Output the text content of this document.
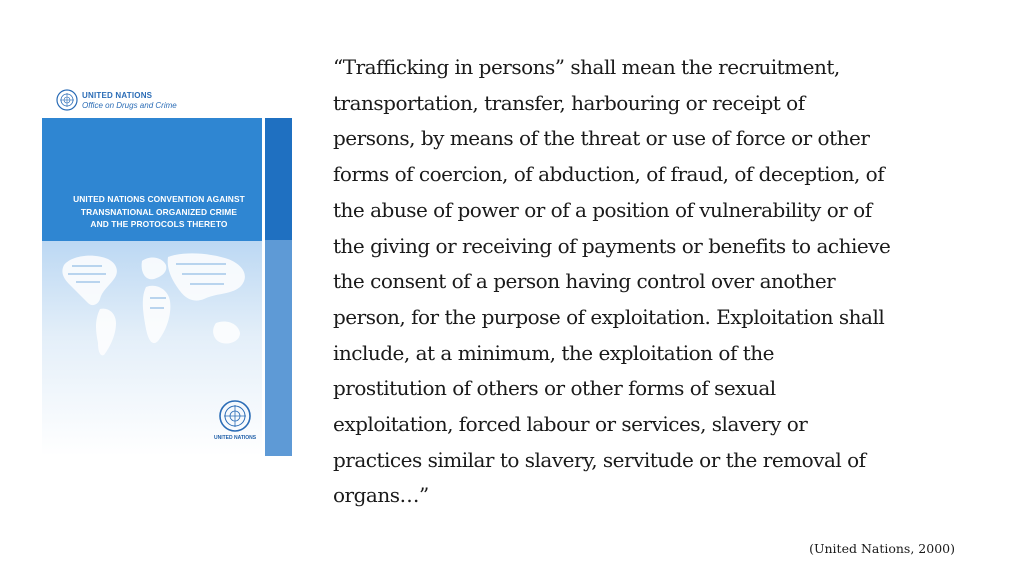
UNITED NATIONS
Office on Drugs and Crime
UNITED NATIONS CONVENTION AGAINST
TRANSNATIONAL ORGANIZED CRIME
AND THE PROTOCOLS THERETO
UNITED NATIONS
“Trafficking in persons” shall mean the recruitment,
transportation, transfer, harbouring or receipt of
persons, by means of the threat or use of force or other
forms of coercion, of abduction, of fraud, of deception, of
the abuse of power or of a position of vulnerability or of
the giving or receiving of payments or benefits to achieve
the consent of a person having control over another
person, for the purpose of exploitation. Exploitation shall
include, at a minimum, the exploitation of the
prostitution of others or other forms of sexual
exploitation, forced labour or services, slavery or
practices similar to slavery, servitude or the removal of
organs…”
(United Nations, 2000)
